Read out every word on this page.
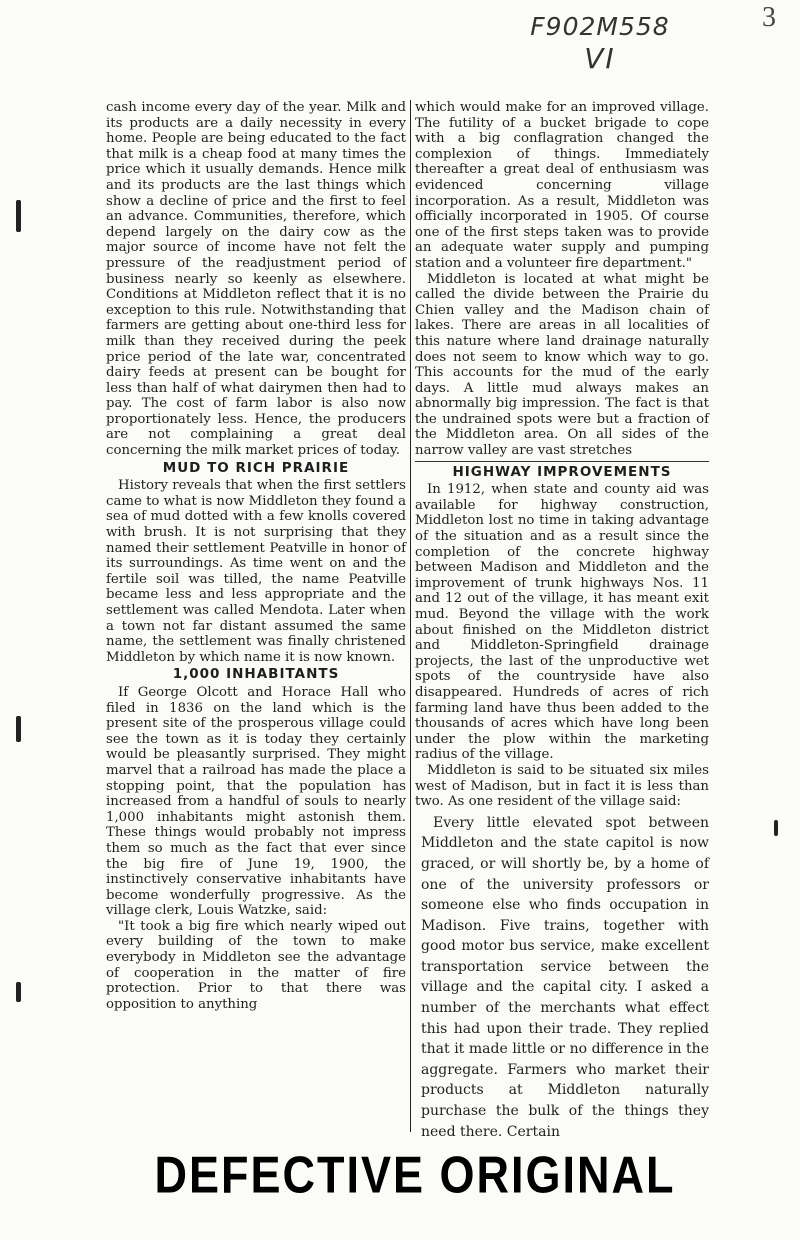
3
F902M558
VI

cash income every day of the year. Milk and its products are a daily necessity in every home. People are being educated to the fact that milk is a cheap food at many times the price which it usually demands. Hence milk and its products are the last things which show a decline of price and the first to feel an advance. Communities, therefore, which depend largely on the dairy cow as the major source of income have not felt the pressure of the readjustment period of business nearly so keenly as elsewhere. Conditions at Middleton reflect that it is no exception to this rule. Notwithstanding that farmers are getting about one-third less for milk than they received during the peek price period of the late war, concentrated dairy feeds at present can be bought for less than half of what dairymen then had to pay. The cost of farm labor is also now proportionately less. Hence, the producers are not complaining a great deal concerning the milk market prices of today.

MUD TO RICH PRAIRIE

History reveals that when the first settlers came to what is now Middleton they found a sea of mud dotted with a few knolls covered with brush. It is not surprising that they named their settlement Peatville in honor of its surroundings. As time went on and the fertile soil was tilled, the name Peatville became less and less appropriate and the settlement was called Mendota. Later when a town not far distant assumed the same name, the settlement was finally christened Middleton by which name it is now known.

1,000 INHABITANTS

If George Olcott and Horace Hall who filed in 1836 on the land which is the present site of the prosperous village could see the town as it is today they certainly would be pleasantly surprised. They might marvel that a railroad has made the place a stopping point, that the population has increased from a handful of souls to nearly 1,000 inhabitants might astonish them. These things would probably not impress them so much as the fact that ever since the big fire of June 19, 1900, the instinctively conservative inhabitants have become wonderfully progressive. As the village clerk, Louis Watzke, said:

"It took a big fire which nearly wiped out every building of the town to make everybody in Middleton see the advantage of cooperation in the matter of fire protection. Prior to that there was opposition to anything

which would make for an improved village. The futility of a bucket brigade to cope with a big conflagration changed the complexion of things. Immediately thereafter a great deal of enthusiasm was evidenced concerning village incorporation. As a result, Middleton was officially incorporated in 1905. Of course one of the first steps taken was to provide an adequate water supply and pumping station and a volunteer fire department."

Middleton is located at what might be called the divide between the Prairie du Chien valley and the Madison chain of lakes. There are areas in all localities of this nature where land drainage naturally does not seem to know which way to go. This accounts for the mud of the early days. A little mud always makes an abnormally big impression. The fact is that the undrained spots were but a fraction of the Middleton area. On all sides of the narrow valley are vast stretches

HIGHWAY IMPROVEMENTS

In 1912, when state and county aid was available for highway construction, Middleton lost no time in taking advantage of the situation and as a result since the completion of the concrete highway between Madison and Middleton and the improvement of trunk highways Nos. 11 and 12 out of the village, it has meant exit mud. Beyond the village with the work about finished on the Middleton district and Middleton-Springfield drainage projects, the last of the unproductive wet spots of the countryside have also disappeared. Hundreds of acres of rich farming land have thus been added to the thousands of acres which have long been under the plow within the marketing radius of the village.

Middleton is said to be situated six miles west of Madison, but in fact it is less than two. As one resident of the village said:

Every little elevated spot between Middleton and the state capitol is now graced, or will shortly be, by a home of one of the university professors or someone else who finds occupation in Madison. Five trains, together with good motor bus service, make excellent transportation service between the village and the capital city. I asked a number of the merchants what effect this had upon their trade. They replied that it made little or no difference in the aggregate. Farmers who market their products at Middleton naturally purchase the bulk of the things they need there. Certain

DEFECTIVE ORIGINAL
